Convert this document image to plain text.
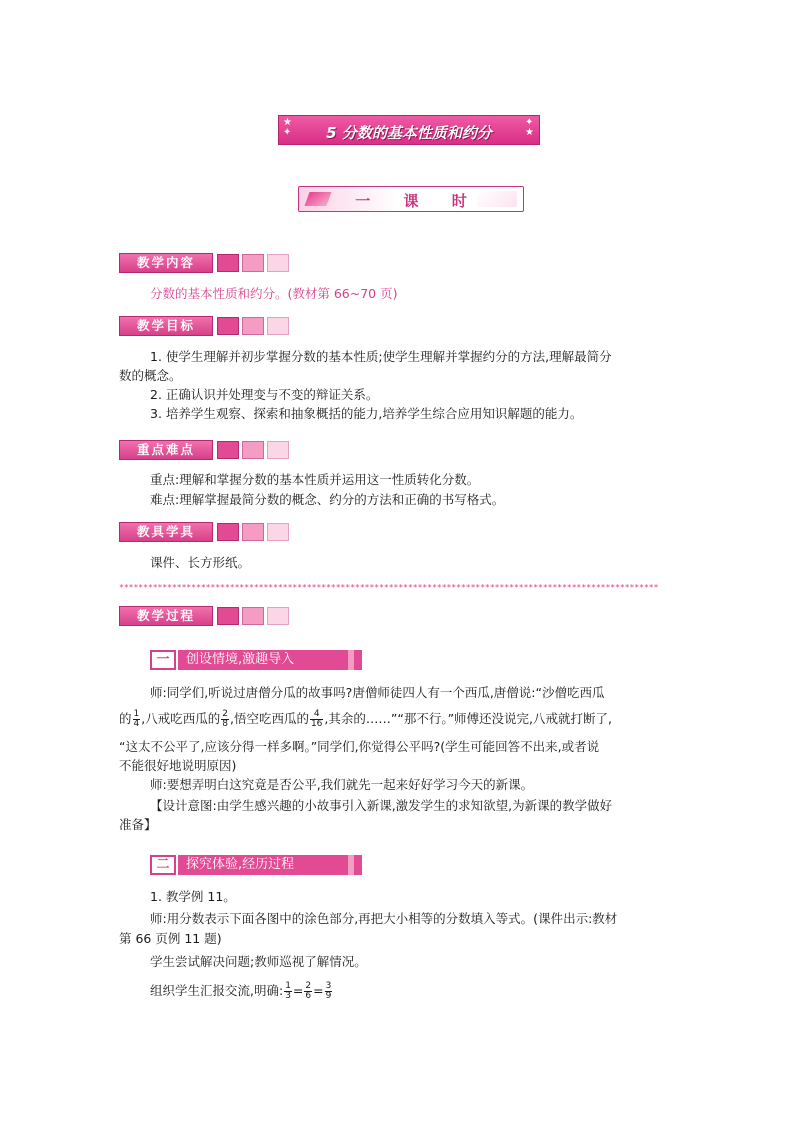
★
✦	5 分数的基本性质和约分
✦
★
一 课 时
教学内容
分数的基本性质和约分。(教材第 66~70 页)
教学目标
1. 使学生理解并初步掌握分数的基本性质;使学生理解并掌握约分的方法,理解最简分
数的概念。
2. 正确认识并处理变与不变的辩证关系。
3. 培养学生观察、探索和抽象概括的能力,培养学生综合应用知识解题的能力。
重点难点
重点:理解和掌握分数的基本性质并运用这一性质转化分数。
难点:理解掌握最简分数的概念、约分的方法和正确的书写格式。
教具学具
课件、长方形纸。
****************************************************************************************************************
教学过程
一	创设情境,激趣导入
师:同学们,听说过唐僧分瓜的故事吗?唐僧师徒四人有一个西瓜,唐僧说:“沙僧吃西瓜
的 $\frac{1}{4}$ ,八戒吃西瓜的 $\frac{2}{8}$ ,悟空吃西瓜的 $\frac{4}{16}$ ,其余的……”“那不行。”师傅还没说完,八戒就打断了,
“这太不公平了,应该分得一样多啊。”同学们,你觉得公平吗?(学生可能回答不出来,或者说
不能很好地说明原因)
师:要想弄明白这究竟是否公平,我们就先一起来好好学习今天的新课。
【设计意图:由学生感兴趣的小故事引入新课,激发学生的求知欲望,为新课的教学做好
准备】
二	探究体验,经历过程
1. 教学例 11。
师:用分数表示下面各图中的涂色部分,再把大小相等的分数填入等式。(课件出示:教材
第 66 页例 11 题)
学生尝试解决问题;教师巡视了解情况。
组织学生汇报交流,明确: $\frac{1}{3} = \frac{2}{6} = \frac{3}{9}$
